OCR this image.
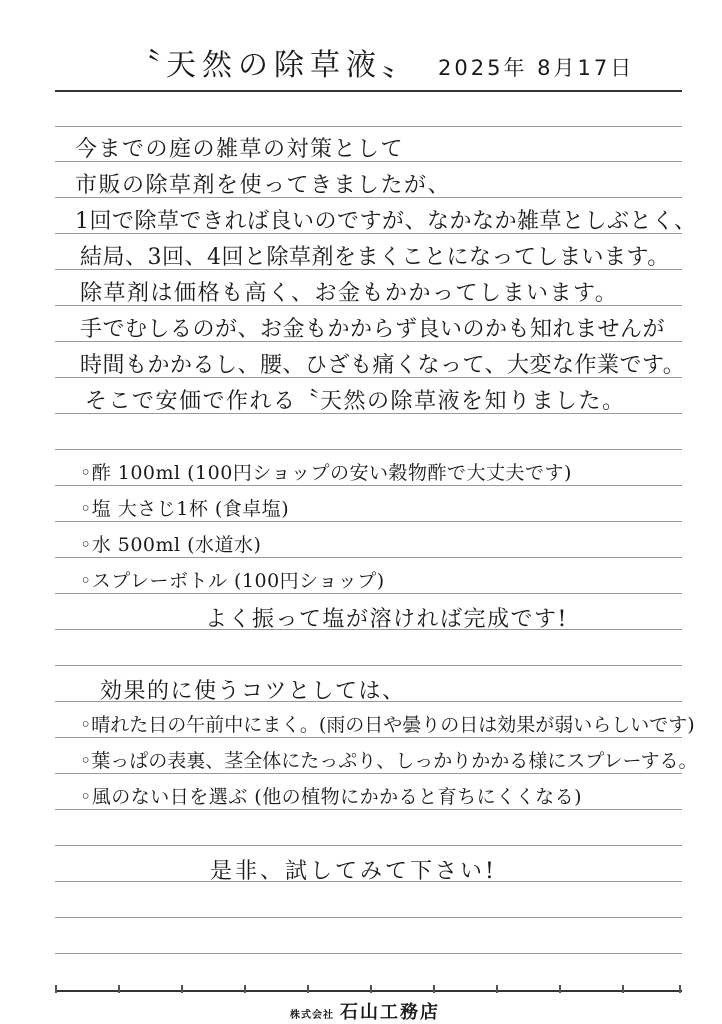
〝天然の除草液〟 2025年 8月17日
今までの庭の雑草の対策として
市販の除草剤を使ってきましたが、
1回で除草できれば良いのですが、なかなか雑草としぶとく、
結局、3回、4回と除草剤をまくことになってしまいます。
除草剤は価格も高く、お金もかかってしまいます。
手でむしるのが、お金もかからず良いのかも知れませんが
時間もかかるし、腰、ひざも痛くなって、大変な作業です。
そこで安価で作れる〝天然の除草液を知りました。
◦酢 100ml (100円ショップの安い穀物酢で大丈夫です)
◦塩 大さじ1杯 (食卓塩)
◦水 500ml (水道水)
◦スプレーボトル (100円ショップ)
よく振って塩が溶ければ完成です!
効果的に使うコツとしては、
◦晴れた日の午前中にまく。(雨の日や曇りの日は効果が弱いらしいです)
◦葉っぱの表裏、茎全体にたっぷり、しっかりかかる様にスプレーする。
◦風のない日を選ぶ (他の植物にかかると育ちにくくなる)
是非、試してみて下さい!
株式会社 石山工務店
